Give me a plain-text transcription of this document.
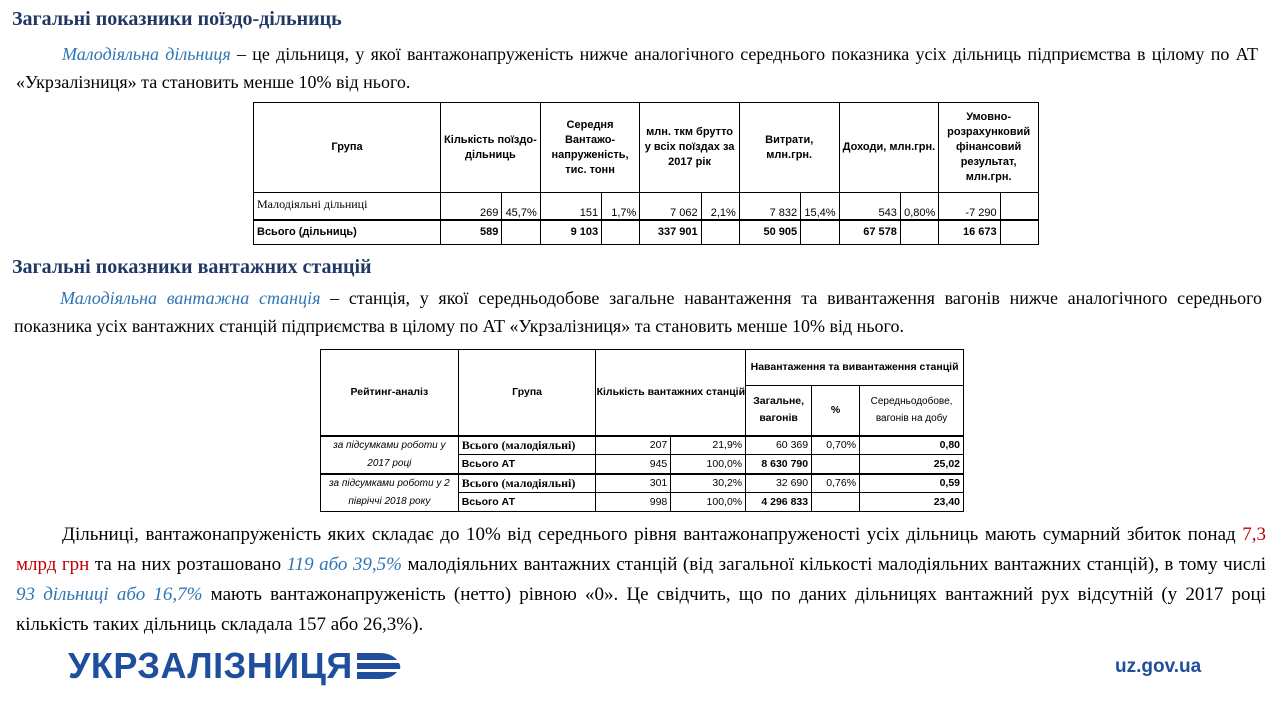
Загальні показники поїздо-дільниць
Малодіяльна дільниця – це дільниця, у якої вантажонапруженість нижче аналогічного середнього показника усіх дільниць підприємства в цілому по АТ «Укрзалізниця» та становить менше 10% від нього.
Група	Кількість поїздо-дільниць		Середня Вантажо-напруженість, тис. тонн		млн. ткм брутто у всіх поїздах за 2017 рік		Витрати, млн.грн.		Доходи, млн.грн.		Умовно-розрахунковий фінансовий результат, млн.грн.	
Малодіяльні дільниці	269	45,7%	151	1,7%	7 062	2,1%	7 832	15,4%	543	0,80%	-7 290	
Всього (дільниць)	589		9 103		337 901		50 905		67 578		16 673	
Загальні показники вантажних станцій
Малодіяльна вантажна станція – станція, у якої середньодобове загальне навантаження та вивантаження вагонів нижче аналогічного середнього показника усіх вантажних станцій підприємства в цілому по АТ «Укрзалізниця» та становить менше 10% від нього.
Рейтинг-аналіз	Група	Кількість вантажних станцій		Навантаження та вивантаження станцій		
				Загальне, вагонів	%	Середньодобове, вагонів на добу
за підсумками роботи у 2017 році	Всього (малодіяльні)	207	21,9%	60 369	0,70%	0,80
	Всього АТ	945	100,0%	8 630 790		25,02
за підсумками роботи у 2 півріччі 2018 року	Всього (малодіяльні)	301	30,2%	32 690	0,76%	0,59
	Всього АТ	998	100,0%	4 296 833		23,40
Дільниці, вантажонапруженість яких складає до 10% від середнього рівня вантажонапруженості усіх дільниць мають сумарний збиток понад 7,3 млрд грн та на них розташовано 119 або 39,5% малодіяльних вантажних станцій (від загальної кількості малодіяльних вантажних станцій), в тому числі 93 дільниці або 16,7% мають вантажонапруженість (нетто) рівною «0». Це свідчить, що по даних дільницях вантажний рух відсутній (у 2017 році кількість таких дільниць складала 157 або 26,3%).
УКРЗАЛІЗНИЦЯ	uz.gov.ua
